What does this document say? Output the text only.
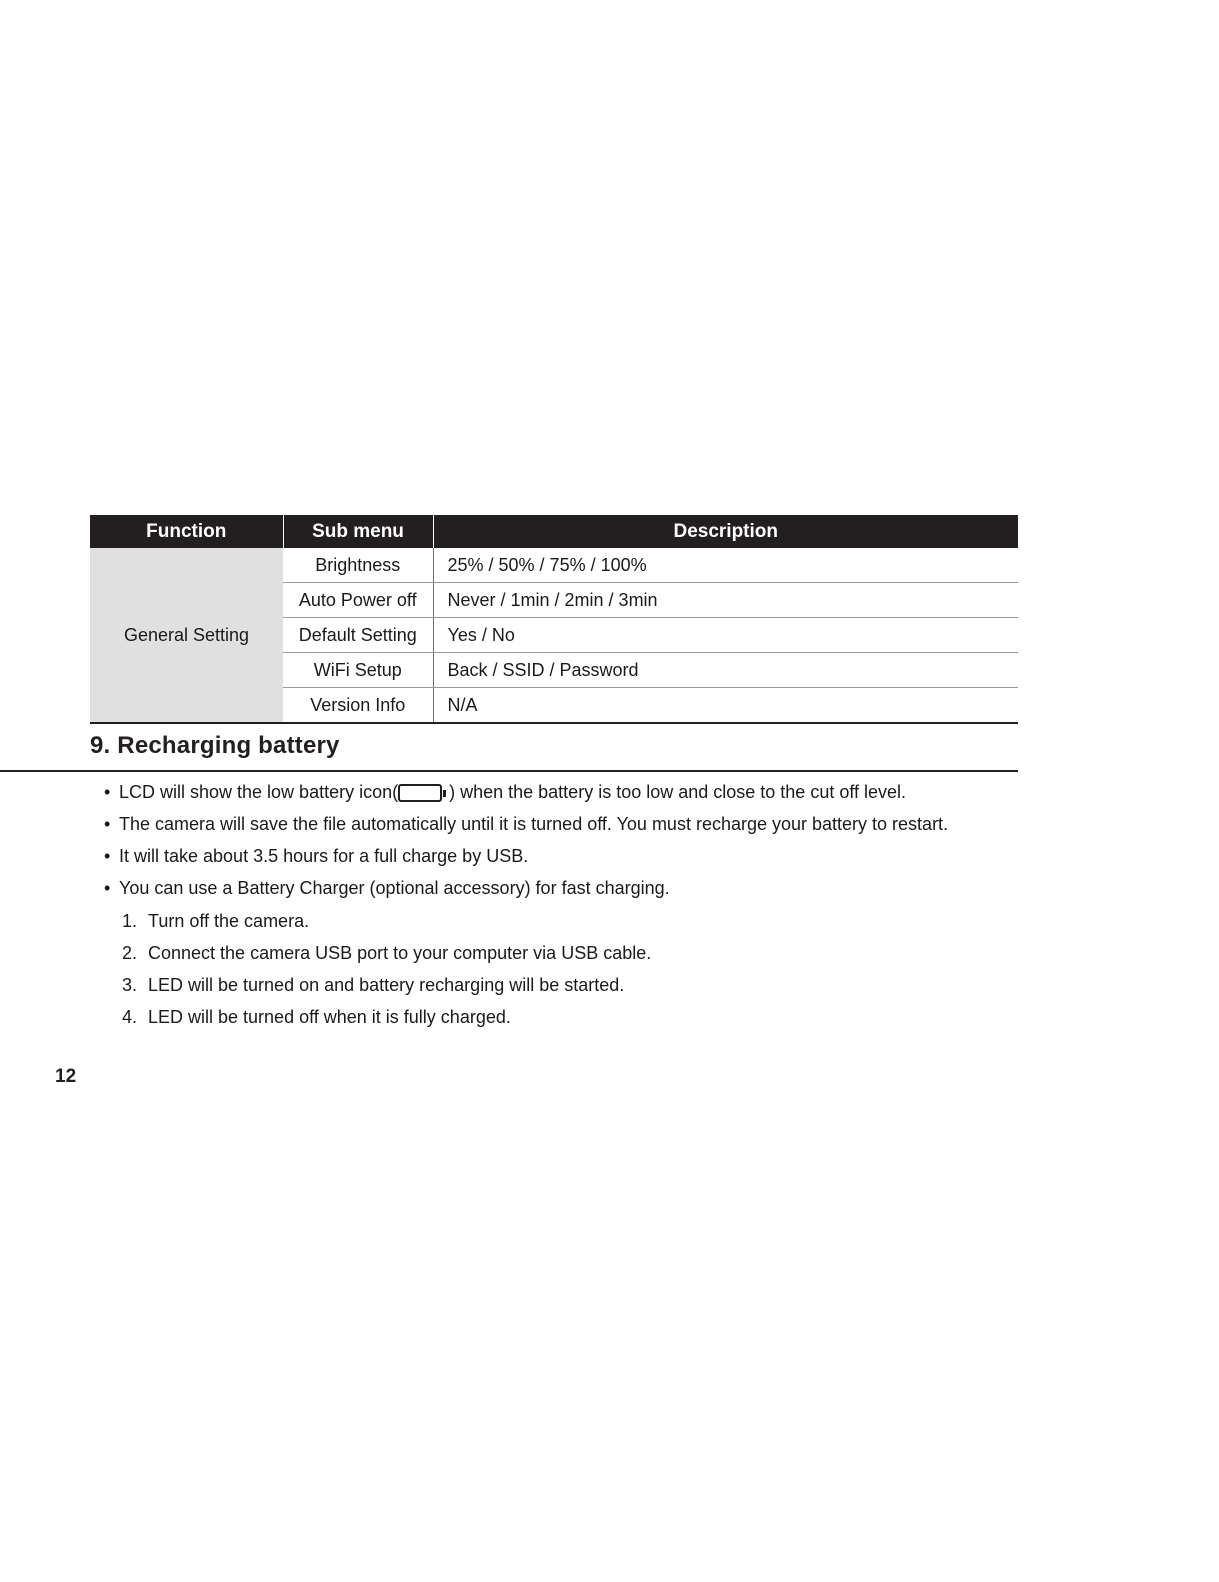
Function	Sub menu	Description
General Setting	Brightness	25% / 50% / 75% / 100%
	Auto Power off	Never / 1min / 2min / 3min
	Default Setting	Yes / No
	WiFi Setup	Back / SSID / Password
	Version Info	N/A
9. Recharging battery
• LCD will show the low battery icon(	) when the battery is too low and close to the cut off level.
• The camera will save the file automatically until it is turned off. You must recharge your battery to restart.
• It will take about 3.5 hours for a full charge by USB.
• You can use a Battery Charger (optional accessory) for fast charging.
1. Turn off the camera.
2. Connect the camera USB port to your computer via USB cable.
3. LED will be turned on and battery recharging will be started.
4. LED will be turned off when it is fully charged.
12
